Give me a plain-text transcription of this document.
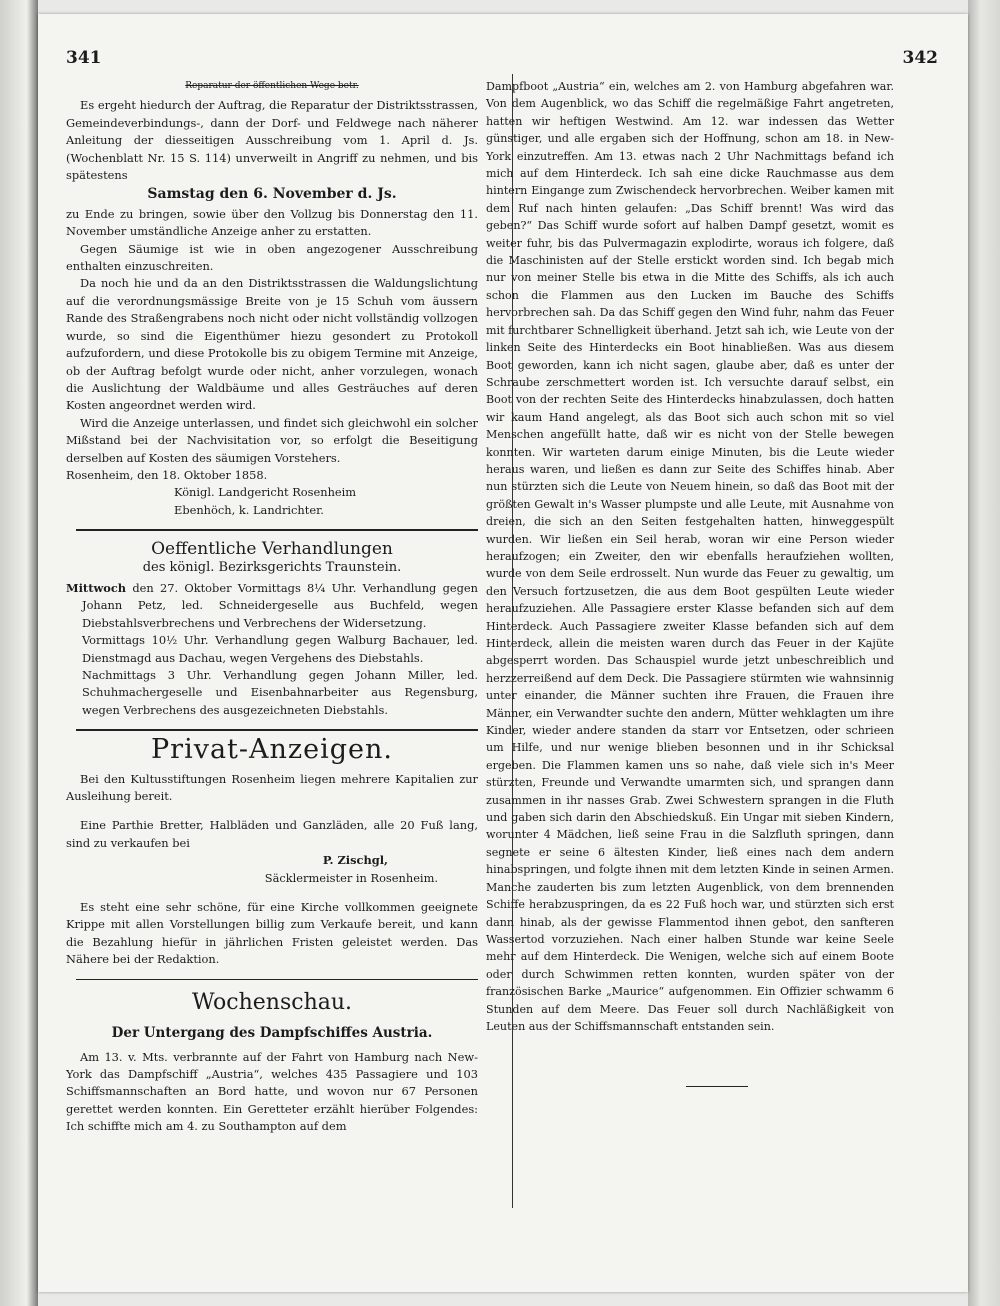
341	342

Reparatur der öffentlichen Wege betr.

Es ergeht hiedurch der Auftrag, die Reparatur der Distriktsstrassen, Gemeindeverbindungs-, dann der Dorf- und Feldwege nach näherer Anleitung der diesseitigen Ausschreibung vom 1. April d. Js. (Wochenblatt Nr. 15 S. 114) unverweilt in Angriff zu nehmen, und bis spätestens

Samstag den 6. November d. Js.

zu Ende zu bringen, sowie über den Vollzug bis Donnerstag den 11. November umständliche Anzeige anher zu erstatten.

Gegen Säumige ist wie in oben angezogener Ausschreibung enthalten einzuschreiten.

Da noch hie und da an den Distriktsstrassen die Waldungslichtung auf die verordnungsmässige Breite von je 15 Schuh vom äussern Rande des Straßengrabens noch nicht oder nicht vollständig vollzogen wurde, so sind die Eigenthümer hiezu gesondert zu Protokoll aufzufordern, und diese Protokolle bis zu obigem Termine mit Anzeige, ob der Auftrag befolgt wurde oder nicht, anher vorzulegen, wonach die Auslichtung der Waldbäume und alles Gesträuches auf deren Kosten angeordnet werden wird.

Wird die Anzeige unterlassen, und findet sich gleichwohl ein solcher Mißstand bei der Nachvisitation vor, so erfolgt die Beseitigung derselben auf Kosten des säumigen Vorstehers.

Rosenheim, den 18. Oktober 1858.

Königl. Landgericht Rosenheim

Ebenhöch, k. Landrichter.

Oeffentliche Verhandlungen

des königl. Bezirksgerichts Traunstein.

Mittwoch den 27. Oktober Vormittags 8¼ Uhr. Verhandlung gegen Johann Petz, led. Schneidergeselle aus Buchfeld, wegen Diebstahlsverbrechens und Verbrechens der Widersetzung.

Vormittags 10½ Uhr. Verhandlung gegen Walburg Bachauer, led. Dienstmagd aus Dachau, wegen Vergehens des Diebstahls.

Nachmittags 3 Uhr. Verhandlung gegen Johann Miller, led. Schuhmachergeselle und Eisenbahnarbeiter aus Regensburg, wegen Verbrechens des ausgezeichneten Diebstahls.

Privat-Anzeigen.

Bei den Kultusstiftungen Rosenheim liegen mehrere Kapitalien zur Ausleihung bereit.

Eine Parthie Bretter, Halbläden und Ganzläden, alle 20 Fuß lang, sind zu verkaufen bei

P. Zischgl,

Säcklermeister in Rosenheim.

Es steht eine sehr schöne, für eine Kirche vollkommen geeignete Krippe mit allen Vorstellungen billig zum Verkaufe bereit, und kann die Bezahlung hiefür in jährlichen Fristen geleistet werden. Das Nähere bei der Redaktion.

Wochenschau.

Der Untergang des Dampfschiffes Austria.

Am 13. v. Mts. verbrannte auf der Fahrt von Hamburg nach New-York das Dampfschiff „Austria“, welches 435 Passagiere und 103 Schiffsmannschaften an Bord hatte, und wovon nur 67 Personen gerettet werden konnten. Ein Geretteter erzählt hierüber Folgendes: Ich schiffte mich am 4. zu Southampton auf dem

Dampfboot „Austria“ ein, welches am 2. von Hamburg abgefahren war. Von dem Augenblick, wo das Schiff die regelmäßige Fahrt angetreten, hatten wir heftigen Westwind. Am 12. war indessen das Wetter günstiger, und alle ergaben sich der Hoffnung, schon am 18. in New-York einzutreffen. Am 13. etwas nach 2 Uhr Nachmittags befand ich mich auf dem Hinterdeck. Ich sah eine dicke Rauchmasse aus dem hintern Eingange zum Zwischendeck hervorbrechen. Weiber kamen mit dem Ruf nach hinten gelaufen: „Das Schiff brennt! Was wird das geben?“ Das Schiff wurde sofort auf halben Dampf gesetzt, womit es weiter fuhr, bis das Pulvermagazin explodirte, woraus ich folgere, daß die Maschinisten auf der Stelle erstickt worden sind. Ich begab mich nur von meiner Stelle bis etwa in die Mitte des Schiffs, als ich auch schon die Flammen aus den Lucken im Bauche des Schiffs hervorbrechen sah. Da das Schiff gegen den Wind fuhr, nahm das Feuer mit furchtbarer Schnelligkeit überhand. Jetzt sah ich, wie Leute von der linken Seite des Hinterdecks ein Boot hinabließen. Was aus diesem Boot geworden, kann ich nicht sagen, glaube aber, daß es unter der Schraube zerschmettert worden ist. Ich versuchte darauf selbst, ein Boot von der rechten Seite des Hinterdecks hinabzulassen, doch hatten wir kaum Hand angelegt, als das Boot sich auch schon mit so viel Menschen angefüllt hatte, daß wir es nicht von der Stelle bewegen konnten. Wir warteten darum einige Minuten, bis die Leute wieder heraus waren, und ließen es dann zur Seite des Schiffes hinab. Aber nun stürzten sich die Leute von Neuem hinein, so daß das Boot mit der größten Gewalt in's Wasser plumpste und alle Leute, mit Ausnahme von dreien, die sich an den Seiten festgehalten hatten, hinweggespült wurden. Wir ließen ein Seil herab, woran wir eine Person wieder heraufzogen; ein Zweiter, den wir ebenfalls heraufziehen wollten, wurde von dem Seile erdrosselt. Nun wurde das Feuer zu gewaltig, um den Versuch fortzusetzen, die aus dem Boot gespülten Leute wieder heraufzuziehen. Alle Passagiere erster Klasse befanden sich auf dem Hinterdeck. Auch Passagiere zweiter Klasse befanden sich auf dem Hinterdeck, allein die meisten waren durch das Feuer in der Kajüte abgesperrt worden. Das Schauspiel wurde jetzt unbeschreiblich und herzzerreißend auf dem Deck. Die Passagiere stürmten wie wahnsinnig unter einander, die Männer suchten ihre Frauen, die Frauen ihre Männer, ein Verwandter suchte den andern, Mütter wehklagten um ihre Kinder, wieder andere standen da starr vor Entsetzen, oder schrieen um Hilfe, und nur wenige blieben besonnen und in ihr Schicksal ergeben. Die Flammen kamen uns so nahe, daß viele sich in's Meer stürzten, Freunde und Verwandte umarmten sich, und sprangen dann zusammen in ihr nasses Grab. Zwei Schwestern sprangen in die Fluth und gaben sich darin den Abschiedskuß. Ein Ungar mit sieben Kindern, worunter 4 Mädchen, ließ seine Frau in die Salzfluth springen, dann segnete er seine 6 ältesten Kinder, ließ eines nach dem andern hinabspringen, und folgte ihnen mit dem letzten Kinde in seinen Armen. Manche zauderten bis zum letzten Augenblick, von dem brennenden Schiffe herabzuspringen, da es 22 Fuß hoch war, und stürzten sich erst dann hinab, als der gewisse Flammentod ihnen gebot, den sanfteren Wassertod vorzuziehen. Nach einer halben Stunde war keine Seele mehr auf dem Hinterdeck. Die Wenigen, welche sich auf einem Boote oder durch Schwimmen retten konnten, wurden später von der französischen Barke „Maurice“ aufgenommen. Ein Offizier schwamm 6 Stunden auf dem Meere. Das Feuer soll durch Nachläßigkeit von Leuten aus der Schiffsmannschaft entstanden sein.
